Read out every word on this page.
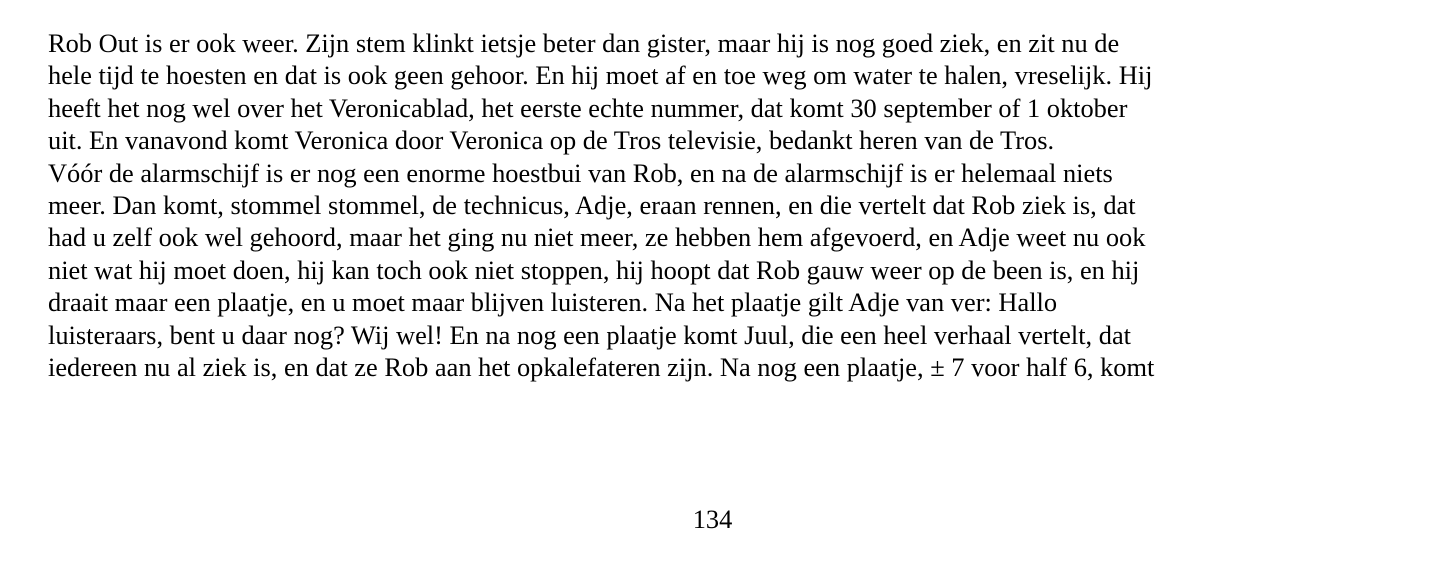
Rob Out is er ook weer. Zijn stem klinkt ietsje beter dan gister, maar hij is nog goed ziek, en zit nu de
hele tijd te hoesten en dat is ook geen gehoor. En hij moet af en toe weg om water te halen, vreselijk. Hij
heeft het nog wel over het Veronicablad, het eerste echte nummer, dat komt 30 september of 1 oktober
uit. En vanavond komt Veronica door Veronica op de Tros televisie, bedankt heren van de Tros.
Vóór de alarmschijf is er nog een enorme hoestbui van Rob, en na de alarmschijf is er helemaal niets
meer. Dan komt, stommel stommel, de technicus, Adje, eraan rennen, en die vertelt dat Rob ziek is, dat
had u zelf ook wel gehoord, maar het ging nu niet meer, ze hebben hem afgevoerd, en Adje weet nu ook
niet wat hij moet doen, hij kan toch ook niet stoppen, hij hoopt dat Rob gauw weer op de been is, en hij
draait maar een plaatje, en u moet maar blijven luisteren. Na het plaatje gilt Adje van ver: Hallo
luisteraars, bent u daar nog? Wij wel! En na nog een plaatje komt Juul, die een heel verhaal vertelt, dat
iedereen nu al ziek is, en dat ze Rob aan het opkalefateren zijn. Na nog een plaatje, ± 7 voor half 6, komt

134
